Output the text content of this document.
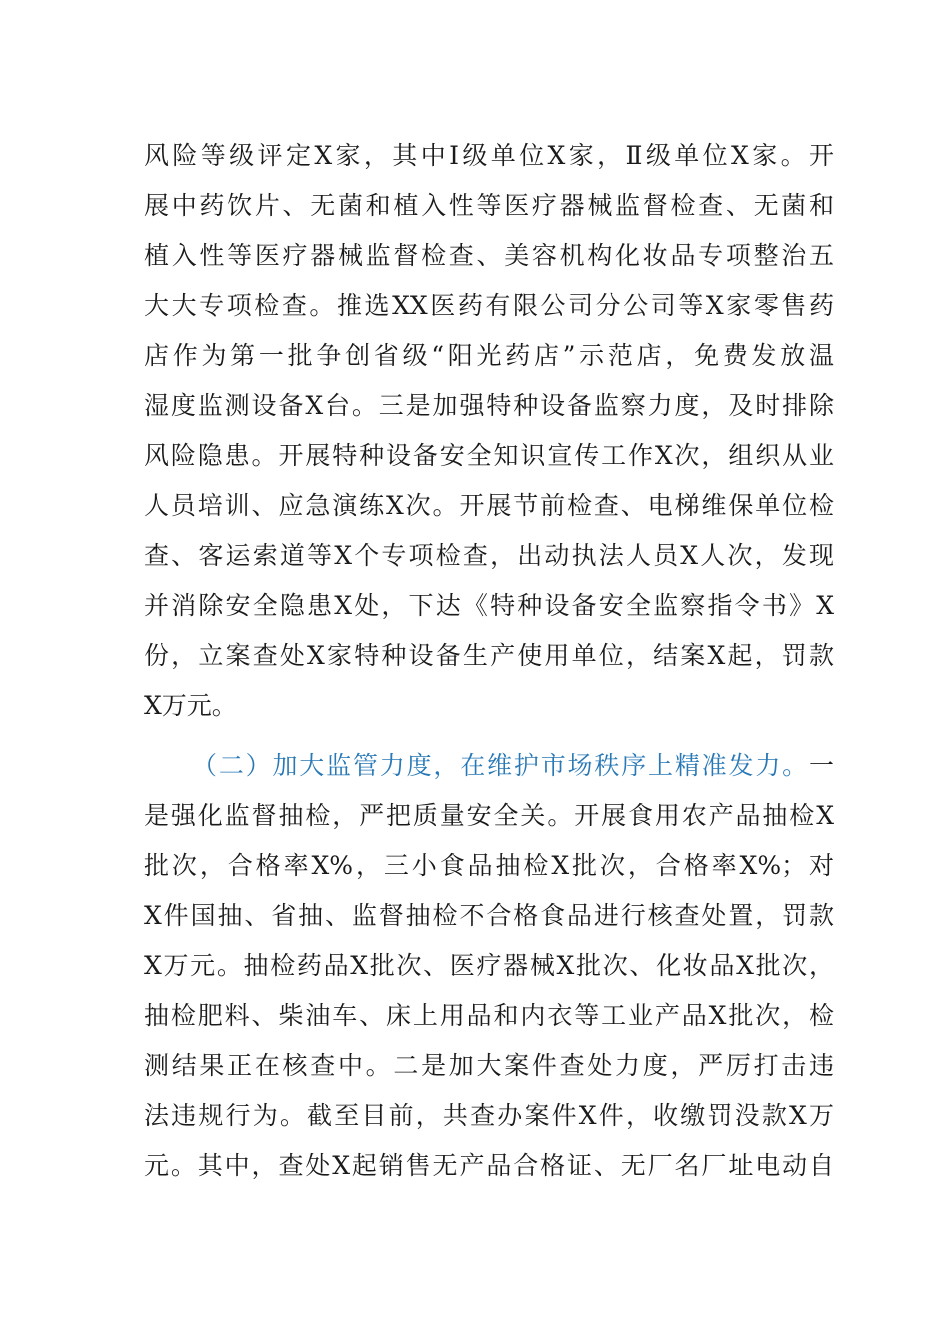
风险等级评定X家，其中Ⅰ级单位X家，Ⅱ级单位X家。开
展中药饮片、无菌和植入性等医疗器械监督检查、无菌和
植入性等医疗器械监督检查、美容机构化妆品专项整治五
大大专项检查。推选XX医药有限公司分公司等X家零售药
店作为第一批争创省级“阳光药店”示范店，免费发放温
湿度监测设备X台。三是加强特种设备监察力度，及时排除
风险隐患。开展特种设备安全知识宣传工作X次，组织从业
人员培训、应急演练X次。开展节前检查、电梯维保单位检
查、客运索道等X个专项检查，出动执法人员X人次，发现
并消除安全隐患X处，下达《特种设备安全监察指令书》X
份，立案查处X家特种设备生产使用单位，结案X起，罚款
X万元。
（二）加大监管力度，在维护市场秩序上精准发力。一
是强化监督抽检，严把质量安全关。开展食用农产品抽检X
批次，合格率X%，三小食品抽检X批次，合格率X%；对
X件国抽、省抽、监督抽检不合格食品进行核查处置，罚款
X万元。抽检药品X批次、医疗器械X批次、化妆品X批次，
抽检肥料、柴油车、床上用品和内衣等工业产品X批次，检
测结果正在核查中。二是加大案件查处力度，严厉打击违
法违规行为。截至目前，共查办案件X件，收缴罚没款X万
元。其中，查处X起销售无产品合格证、无厂名厂址电动自
